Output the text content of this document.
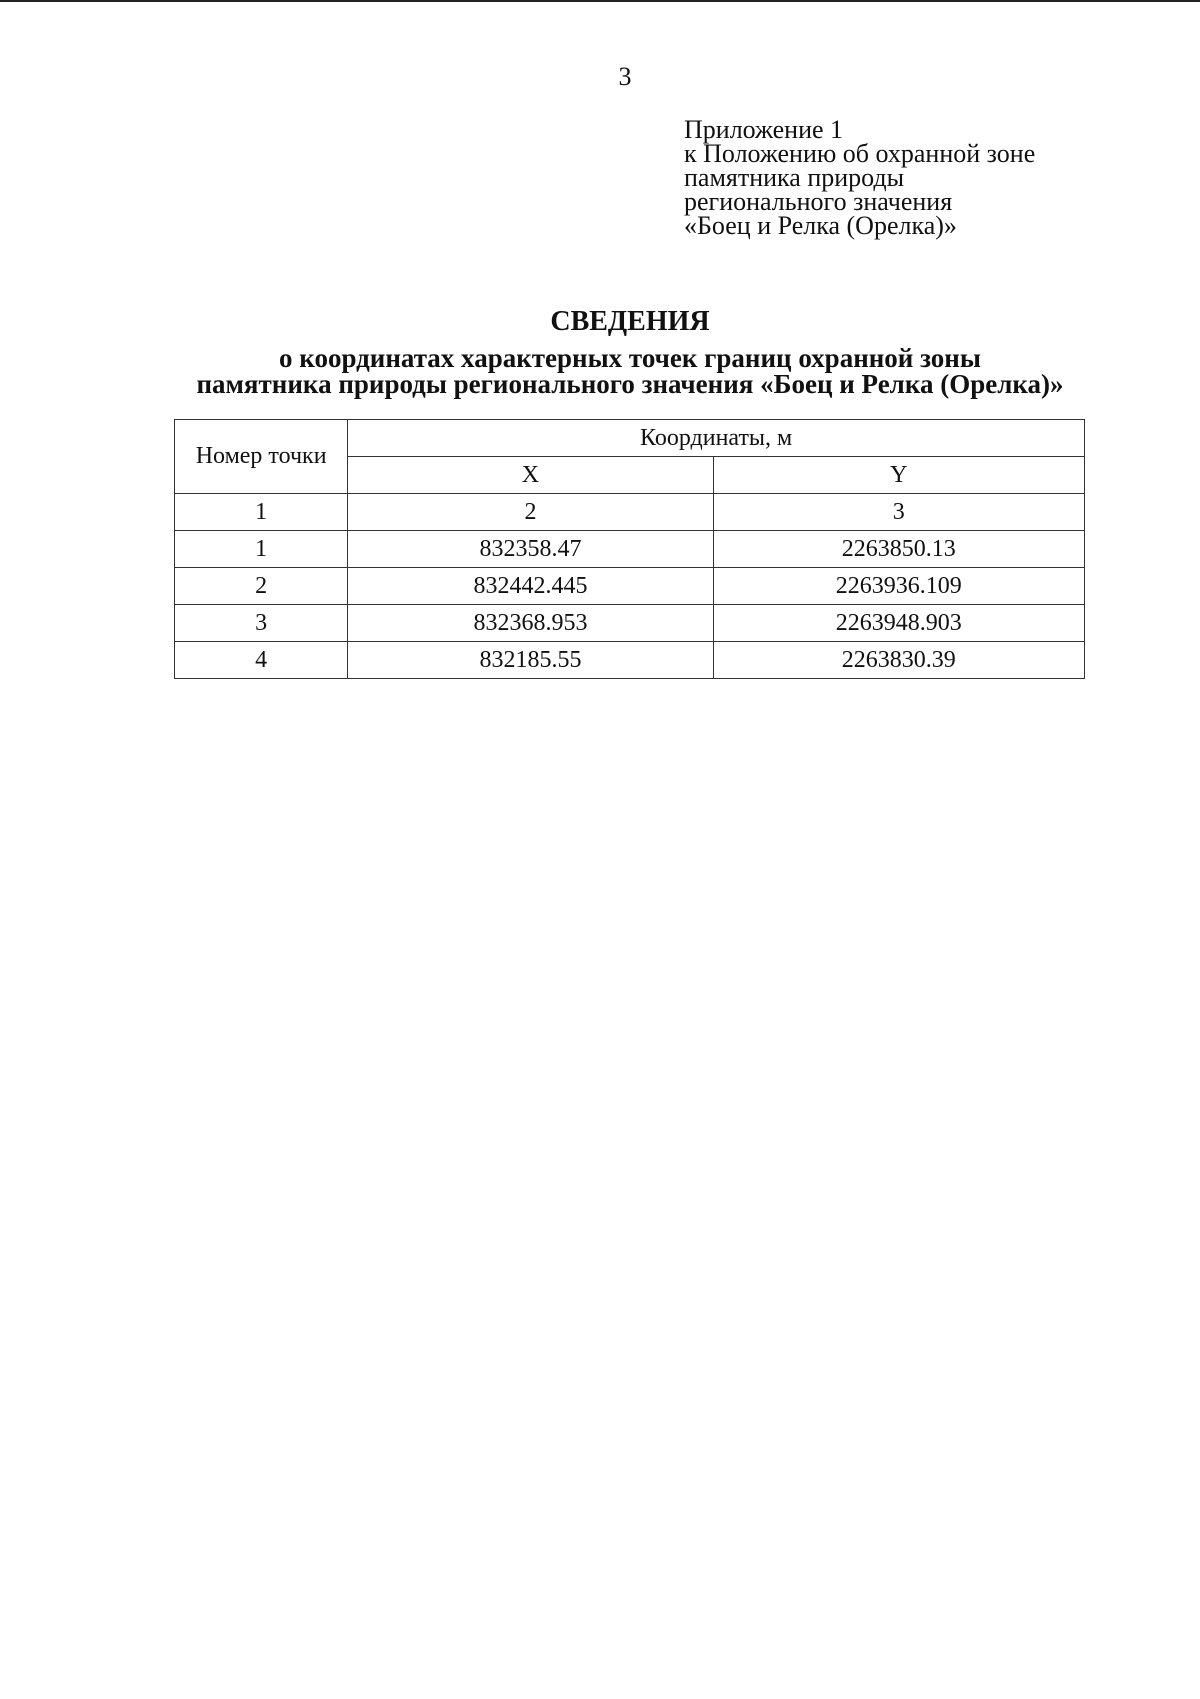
3
Приложение 1
к Положению об охранной зоне
памятника природы
регионального значения
«Боец и Релка (Орелка)»
СВЕДЕНИЯ
о координатах характерных точек границ охранной зоны
памятника природы регионального значения «Боец и Релка (Орелка)»
Номер точки	Координаты, м	
	X	Y
1	2	3
1	832358.47	2263850.13
2	832442.445	2263936.109
3	832368.953	2263948.903
4	832185.55	2263830.39
